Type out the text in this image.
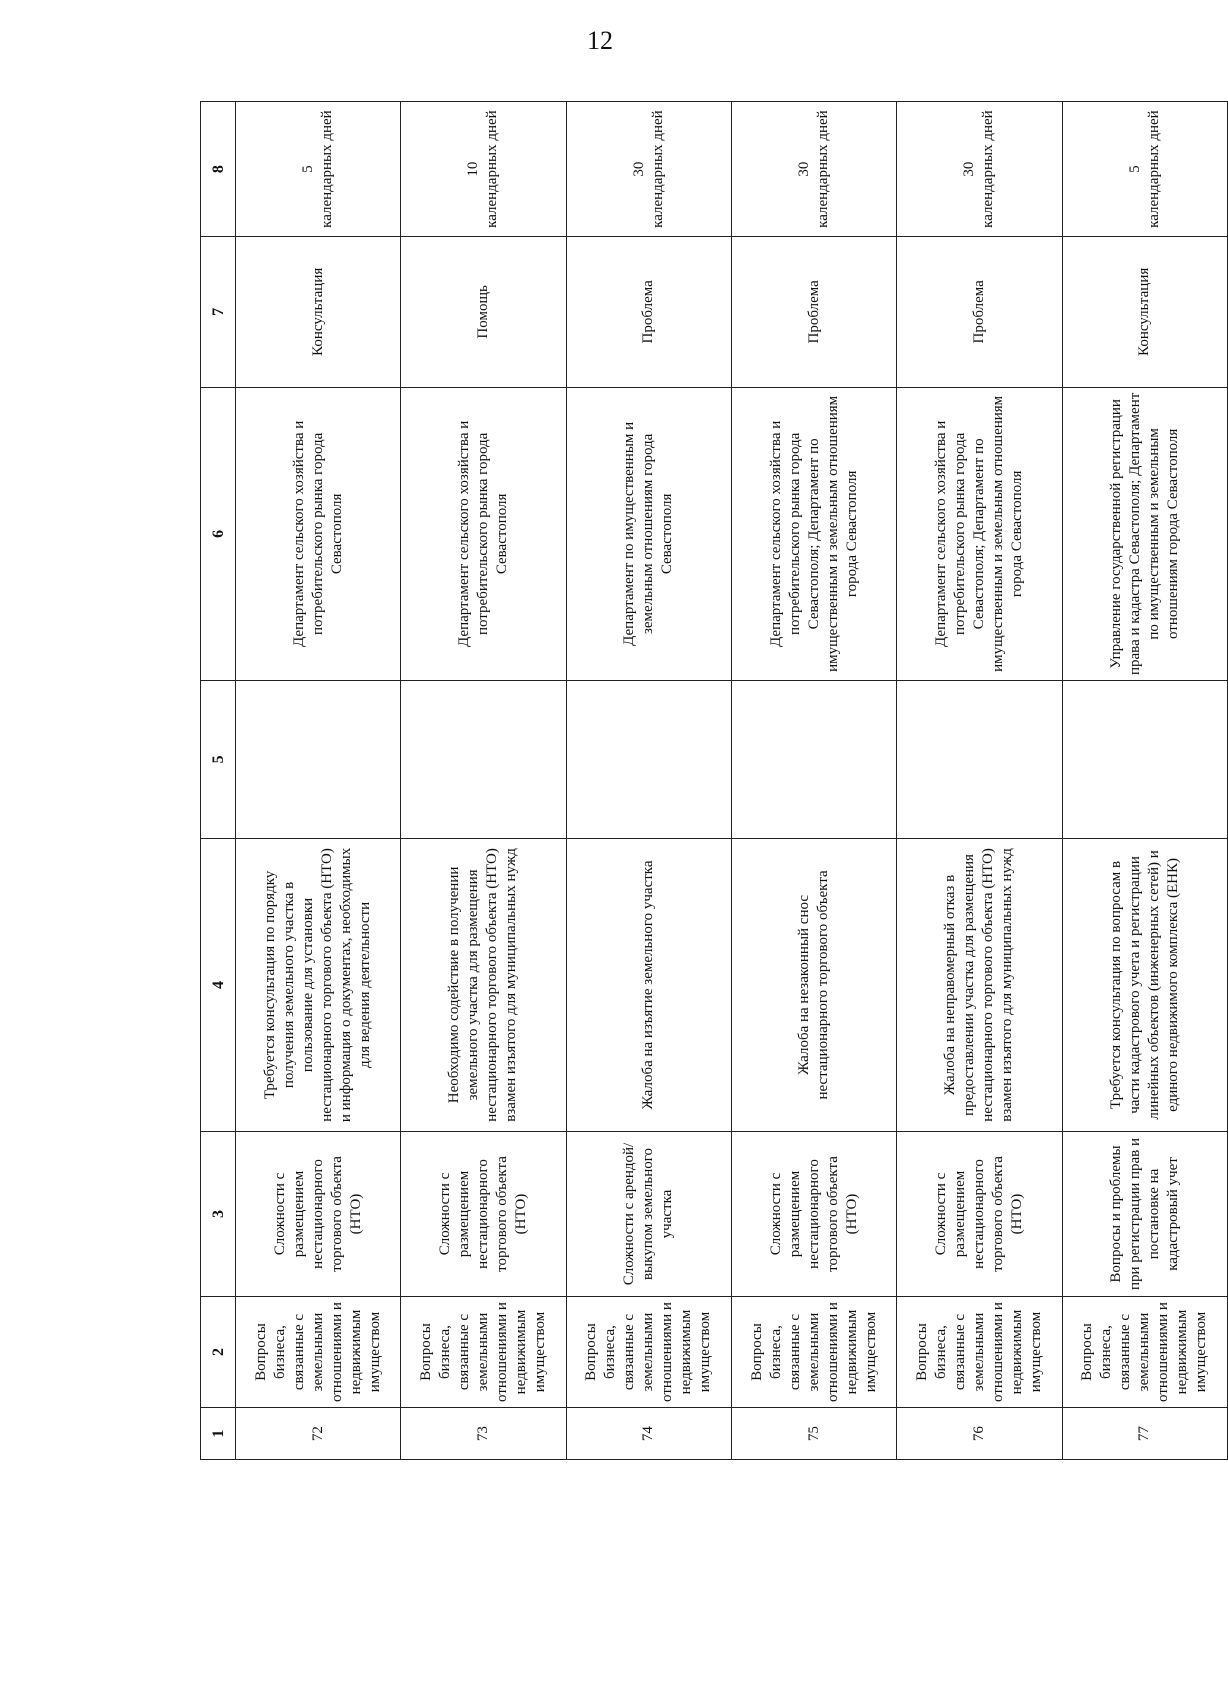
12
1	2	3	4	5	6	7	8
72	Вопросы бизнеса, связанные с земельными отношениями и недвижимым имуществом	Сложности с размещением нестационарного торгового объекта (НТО)	Требуется консультация по порядку получения земельного участка в пользование для установки нестационарного торгового объекта (НТО) и информация о документах, необходимых для ведения деятельности		Департамент сельского хозяйства и потребительского рынка города Севастополя	Консультация	5 календарных дней

73	Вопросы бизнеса, связанные с земельными отношениями и недвижимым имуществом	Сложности с размещением нестационарного торгового объекта (НТО)	Необходимо содействие в получении земельного участка для размещения нестационарного торгового объекта (НТО) взамен изъятого для муниципальных нужд		Департамент сельского хозяйства и потребительского рынка города Севастополя	Помощь	10 календарных дней

74	Вопросы бизнеса, связанные с земельными отношениями и недвижимым имуществом	Сложности с арендой/выкупом земельного участка	Жалоба на изъятие земельного участка		Департамент по имущественным и земельным отношениям города Севастополя	Проблема	30 календарных дней

75	Вопросы бизнеса, связанные с земельными отношениями и недвижимым имуществом	Сложности с размещением нестационарного торгового объекта (НТО)	Жалоба на незаконный снос нестационарного торгового объекта		Департамент сельского хозяйства и потребительского рынка города Севастополя; Департамент по имущественным и земельным отношениям города Севастополя	Проблема	30 календарных дней

76	Вопросы бизнеса, связанные с земельными отношениями и недвижимым имуществом	Сложности с размещением нестационарного торгового объекта (НТО)	Жалоба на неправомерный отказ в предоставлении участка для размещения нестационарного торгового объекта (НТО) взамен изъятого для муниципальных нужд		Департамент сельского хозяйства и потребительского рынка города Севастополя; Департамент по имущественным и земельным отношениям города Севастополя	Проблема	30 календарных дней

77	Вопросы бизнеса, связанные с земельными отношениями и недвижимым имуществом	Вопросы и проблемы при регистрации прав и постановке на кадастровый учет	Требуется консультация по вопросам в части кадастрового учета и регистрации линейных объектов (инженерных сетей) и единого недвижимого комплекса (ЕНК)		Управление государственной регистрации права и кадастра Севастополя; Департамент по имущественным и земельным отношениям города Севастополя	Консультация	5 календарных дней
